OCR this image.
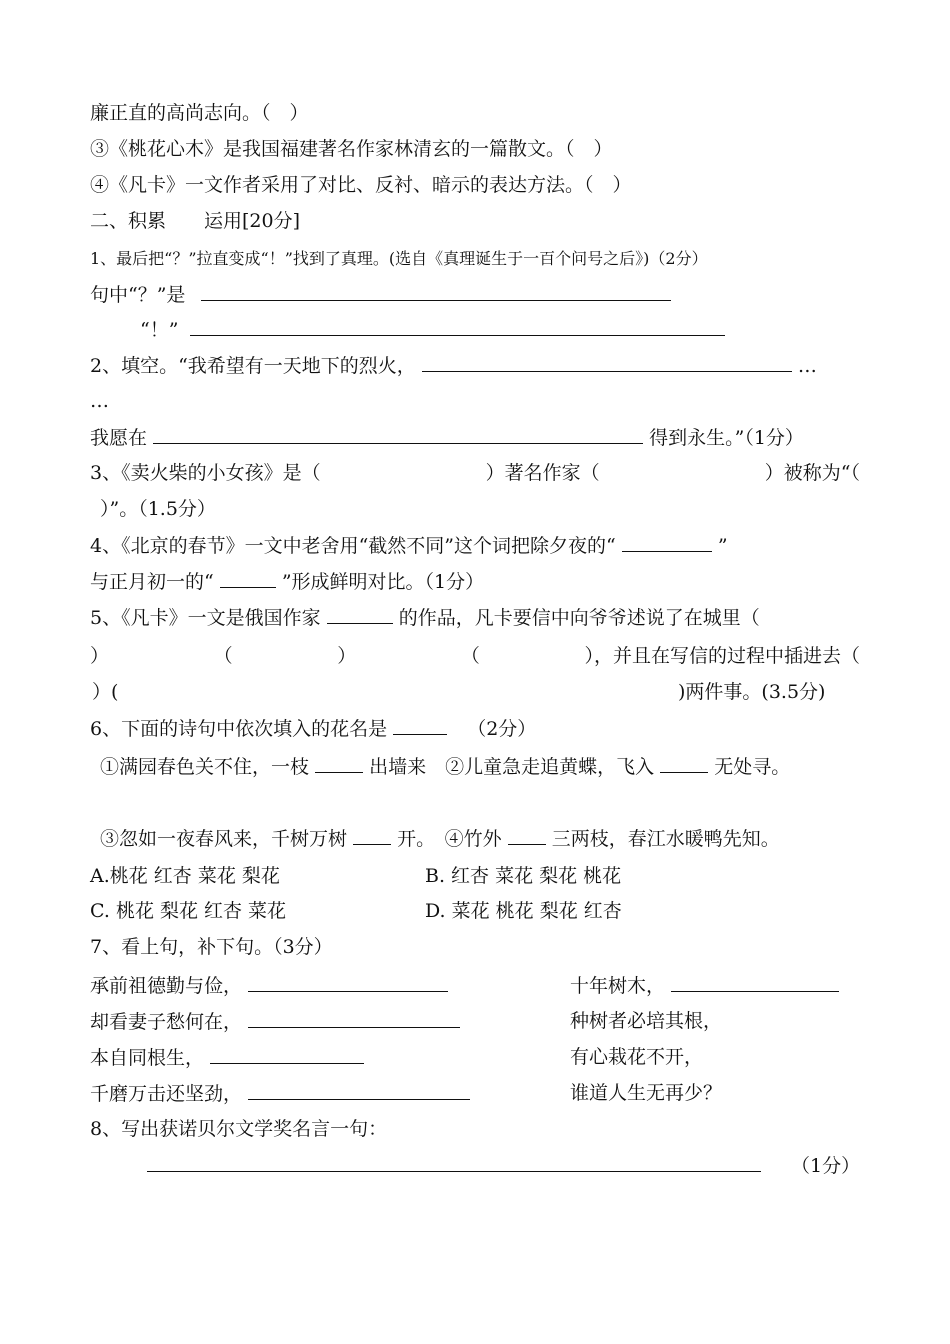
廉正直的高尚志向。（　）
③《桃花心木》是我国福建著名作家林清玄的一篇散文。（　）
④《凡卡》一文作者采用了对比、反衬、暗示的表达方法。（　）
二、积累　　运用[20分]
1、最后把“？”拉直变成“！”找到了真理。(选自《真理诞生于一百个问号之后》)（2分）
句中“？”是
“！”
2、填空。“我希望有一天地下的烈火，	…
…
我愿在	得到永生。”（1分）
3、《卖火柴的小女孩》是（	）著名作家（	）被称为“（
）”。（1.5分）
4、《北京的春节》一文中老舍用“截然不同”这个词把除夕夜的“	”
与正月初一的“	”形成鲜明对比。（1分）
5、《凡卡》一文是俄国作家	的作品，凡卡要信中向爷爷述说了在城里（
）	（	）	（	），并且在写信的过程中插进去（
）(	)两件事。(3.5分)
6、下面的诗句中依次填入的花名是	（2分）
①满园春色关不住，一枝	出墙来　②儿童急走追黄蝶，飞入	无处寻。
③忽如一夜春风来，千树万树	开。　④竹外	三两枝，春江水暖鸭先知。
A.桃花 红杏 菜花 梨花	B. 红杏 菜花 梨花 桃花
C. 桃花 梨花 红杏 菜花	D. 菜花 桃花 梨花 红杏
7、看上句，补下句。（3分）
承前祖德勤与俭，	十年树木，
却看妻子愁何在，	种树者必培其根，
本自同根生，	有心栽花不开，
千磨万击还坚劲，	谁道人生无再少？
8、写出获诺贝尔文学奖名言一句：
（1分）
